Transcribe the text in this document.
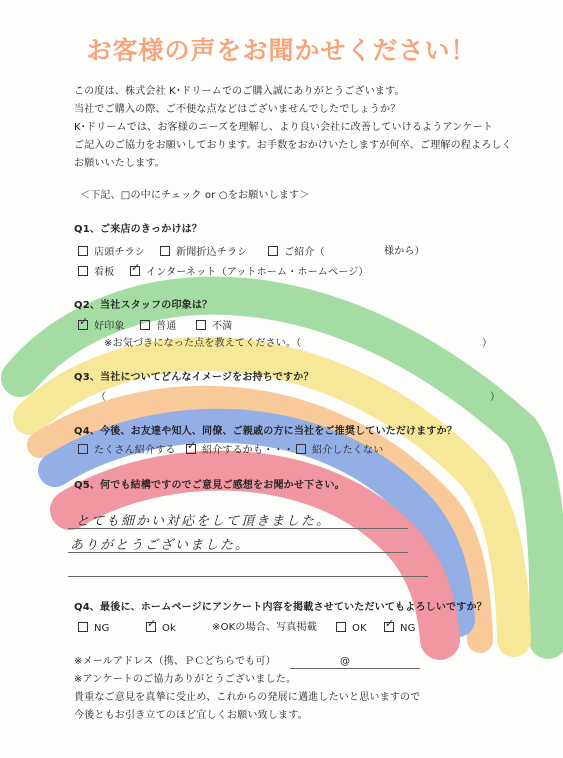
お客様の声をお聞かせください！
この度は、株式会社 K･ドリームでのご購入誠にありがとうございます。
当社でご購入の際、ご不便な点などはございませんでしたでしょうか？
K･ドリームでは、お客様のニーズを理解し、より良い会社に改善していけるようアンケート
ご記入のご協力をお願いしております。お手数をおかけいたしますが何卒、ご理解の程よろしく
お願いいたします。
＜下記、□の中にチェック or ○をお願いします＞
Q1、ご来店のきっかけは？
店頭チラシ	新聞折込チラシ	ご紹介（	様から）
看板 ✓ インターネット（アットホーム・ホームページ）
Q2、当社スタッフの印象は？
✓ 好印象	普通	不満
※お気づきになった点を教えてください。（	）
Q3、当社についてどんなイメージをお持ちですか？
（	）
Q4、今後、お友達や知人、同僚、ご親戚の方に当社をご推奨していただけますか？
たくさん紹介する ✓ 紹介するかも・・・	紹介したくない
Q5、何でも結構ですのでご意見ご感想をお聞かせ下さい。
とても細かい対応をして頂きました。
ありがとうございました。
Q4、最後に、ホームページにアンケート内容を掲載させていただいてもよろしいですか？
NG	✓ Ok	※OKの場合、写真掲載	OK ✓ NG
※メールアドレス（携、ＰＣどちらでも可）	@
※アンケートのご協力ありがとうございました。
貴重なご意見を真摯に受止め、これからの発展に邁進したいと思いますので
今後ともお引き立てのほど宜しくお願い致します。
